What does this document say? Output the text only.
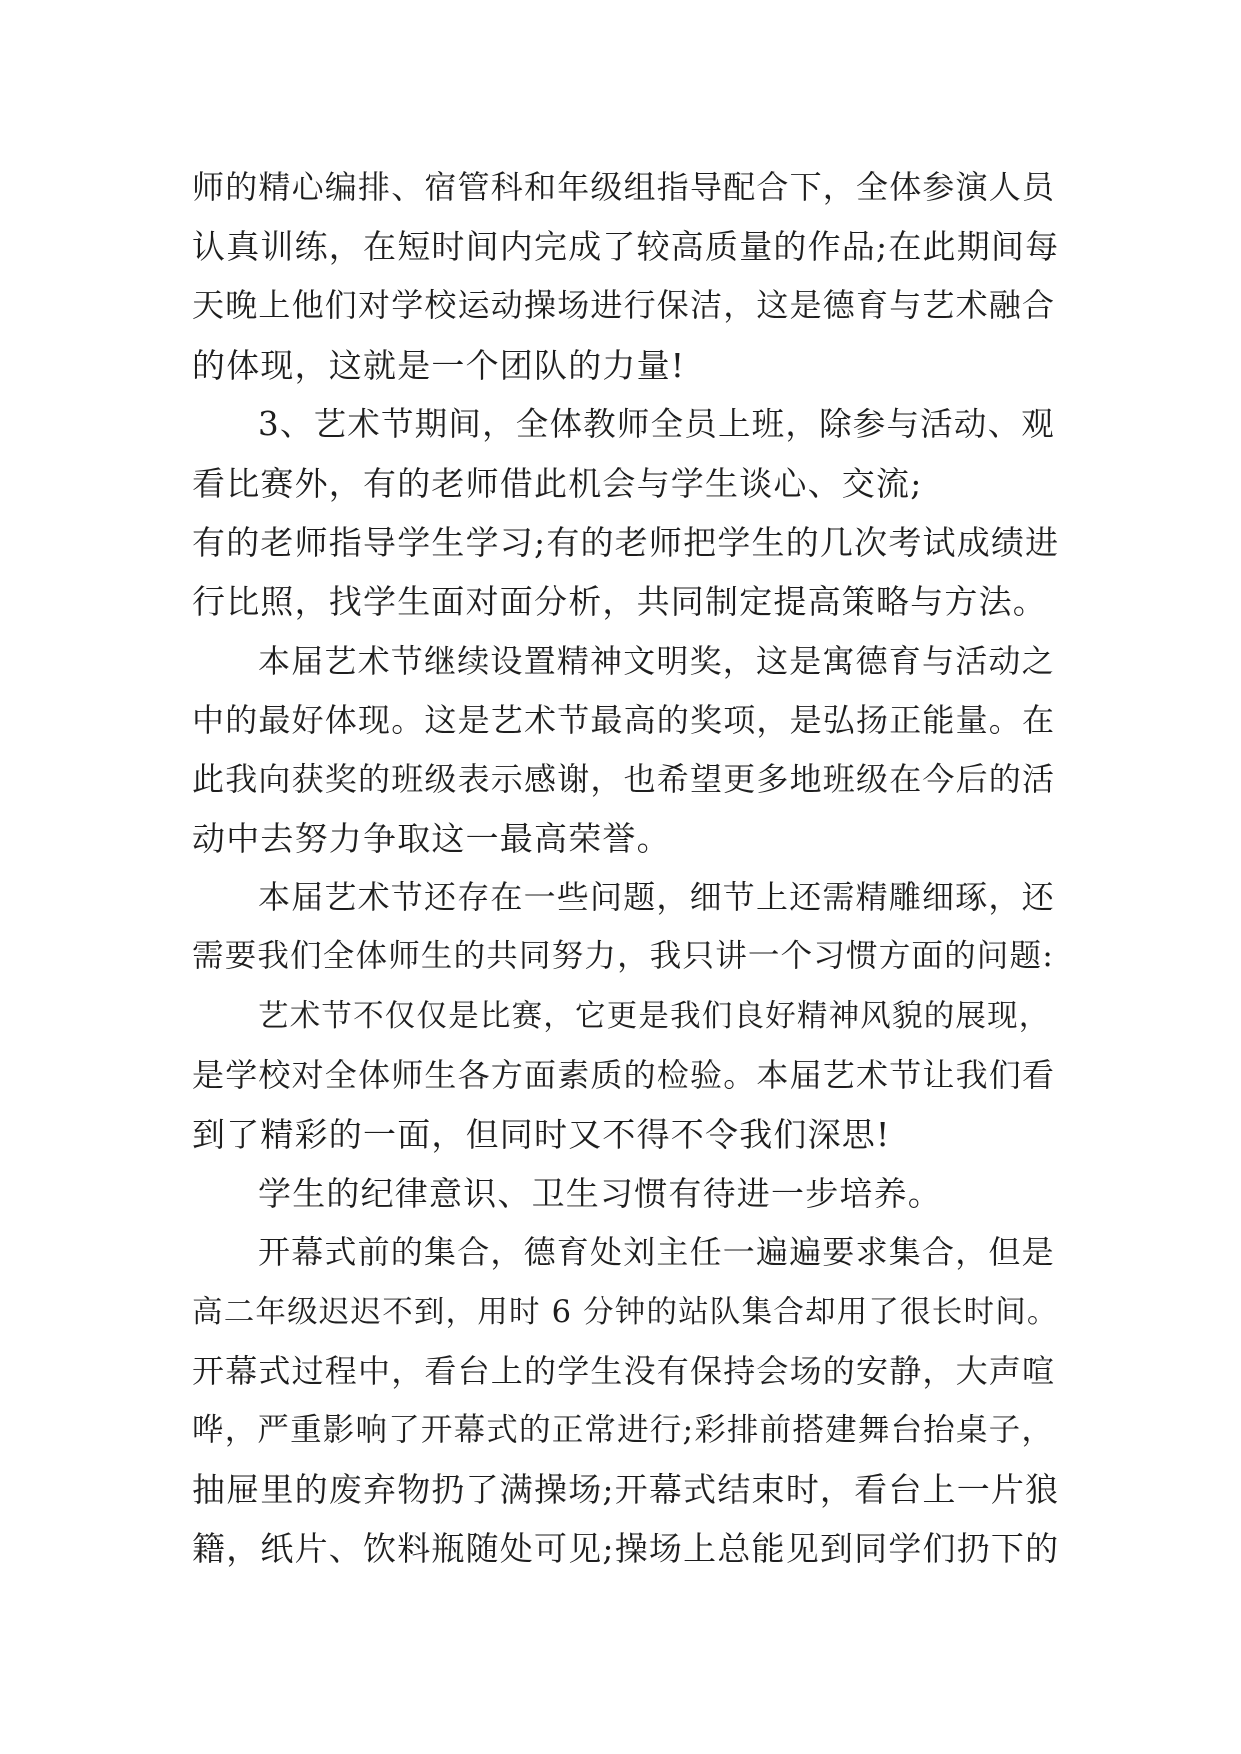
师的精心编排、宿管科和年级组指导配合下，全体参演人员
认真训练，在短时间内完成了较高质量的作品;在此期间每
天晚上他们对学校运动操场进行保洁，这是德育与艺术融合
的体现，这就是一个团队的力量!
3、艺术节期间，全体教师全员上班，除参与活动、观
看比赛外，有的老师借此机会与学生谈心、交流;
有的老师指导学生学习;有的老师把学生的几次考试成绩进
行比照，找学生面对面分析，共同制定提高策略与方法。
本届艺术节继续设置精神文明奖，这是寓德育与活动之
中的最好体现。这是艺术节最高的奖项，是弘扬正能量。在
此我向获奖的班级表示感谢，也希望更多地班级在今后的活
动中去努力争取这一最高荣誉。
本届艺术节还存在一些问题，细节上还需精雕细琢，还
需要我们全体师生的共同努力，我只讲一个习惯方面的问题:
艺术节不仅仅是比赛，它更是我们良好精神风貌的展现，
是学校对全体师生各方面素质的检验。本届艺术节让我们看
到了精彩的一面，但同时又不得不令我们深思!
学生的纪律意识、卫生习惯有待进一步培养。
开幕式前的集合，德育处刘主任一遍遍要求集合，但是
高二年级迟迟不到，用时 6 分钟的站队集合却用了很长时间。
开幕式过程中，看台上的学生没有保持会场的安静，大声喧
哗，严重影响了开幕式的正常进行;彩排前搭建舞台抬桌子，
抽屉里的废弃物扔了满操场;开幕式结束时，看台上一片狼
籍，纸片、饮料瓶随处可见;操场上总能见到同学们扔下的
